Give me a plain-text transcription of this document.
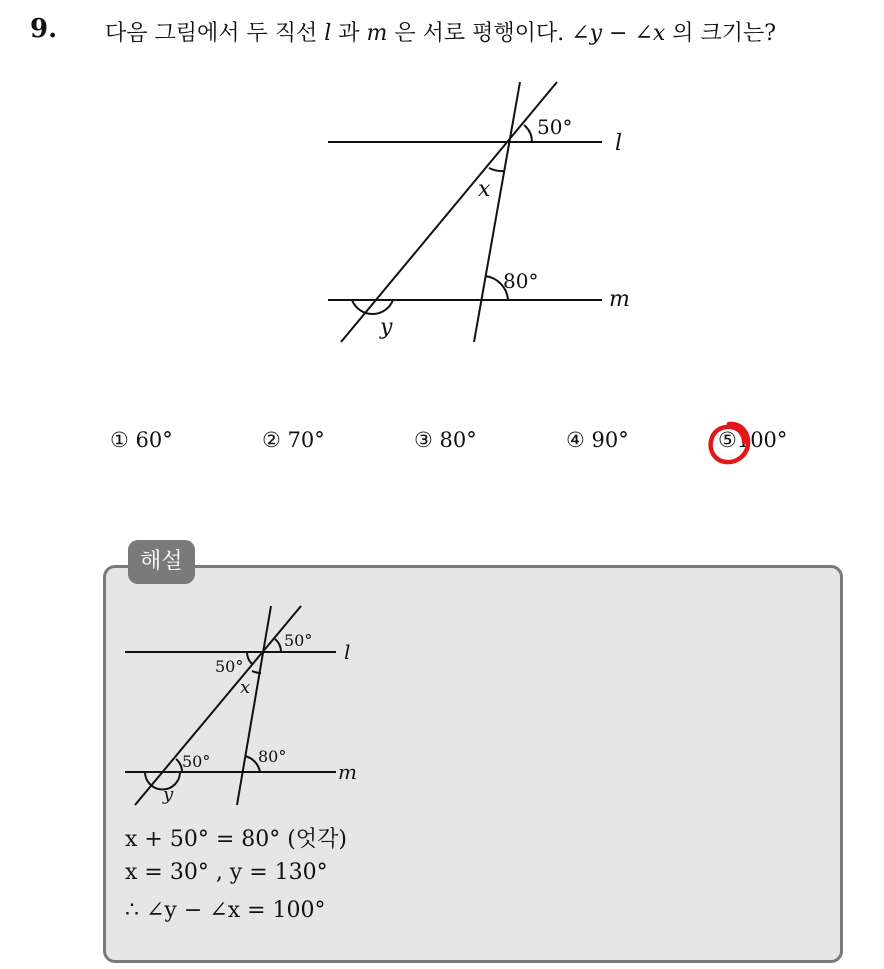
9. 다음 그림에서 두 직선 l 과 m 은 서로 평행이다. ∠y − ∠x 의 크기는?
50°
x
80°
y
l
m
① 60°	② 70°	③ 80°	④ 90°	⑤100°
해설
50°
50°
x
50°	80°
y
l
m
x + 50° = 80° (엇각)
x = 30° , y = 130°
∴ ∠y − ∠x = 100°
